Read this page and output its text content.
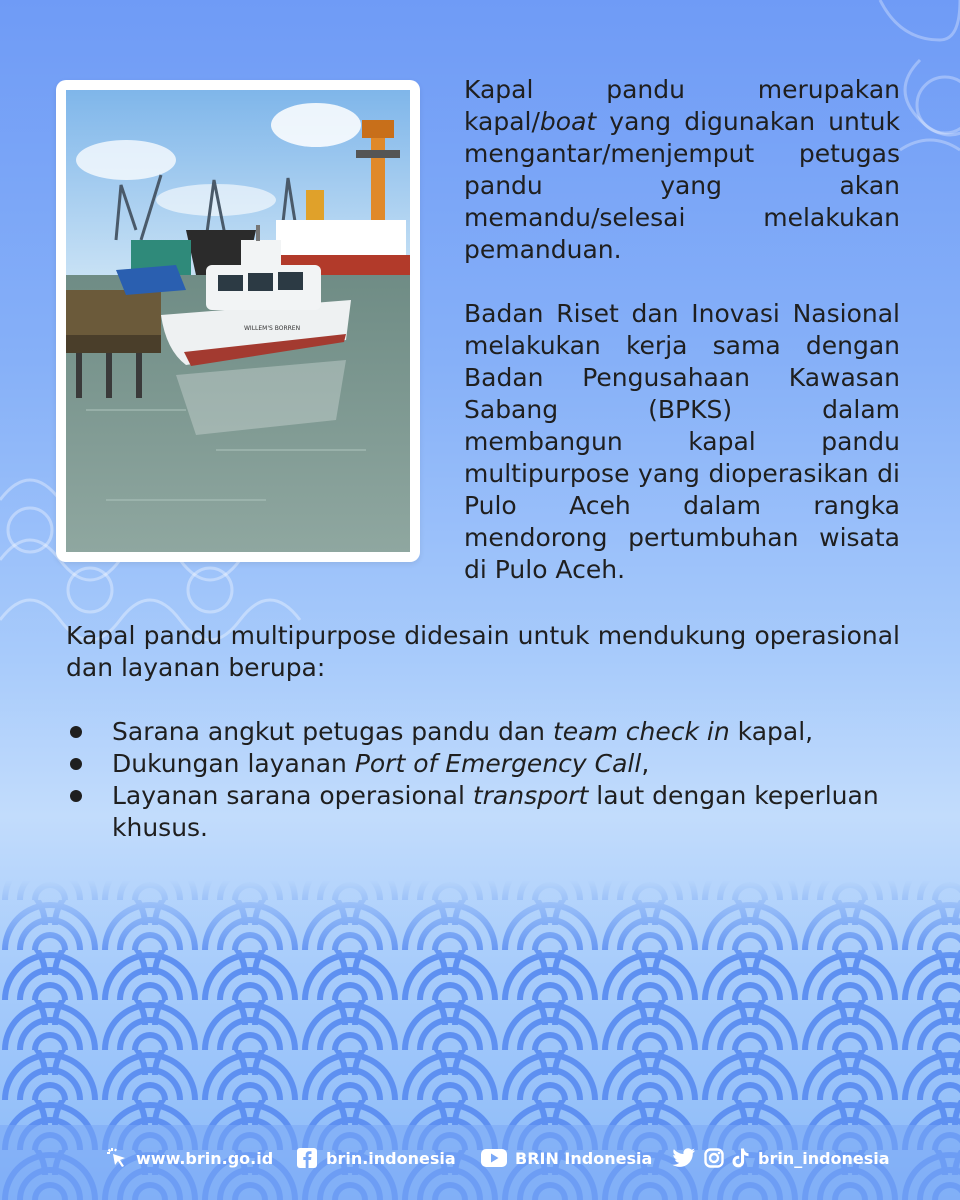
WILLEM'S BORREN

Kapal pandu merupakan kapal/boat yang digunakan untuk mengantar/menjemput petugas pandu yang akan memandu/selesai melakukan pemanduan.

Badan Riset dan Inovasi Nasional melakukan kerja sama dengan Badan Pengusahaan Kawasan Sabang (BPKS) dalam membangun kapal pandu multipurpose yang dioperasikan di Pulo Aceh dalam rangka mendorong pertumbuhan wisata di Pulo Aceh.

Kapal pandu multipurpose didesain untuk mendukung operasional dan layanan berupa:

Sarana angkut petugas pandu dan team check in kapal,
Dukungan layanan Port of Emergency Call,
Layanan sarana operasional transport laut dengan keperluan khusus.
www.brin.go.id	brin.indonesia	BRIN Indonesia	brin_indonesia
